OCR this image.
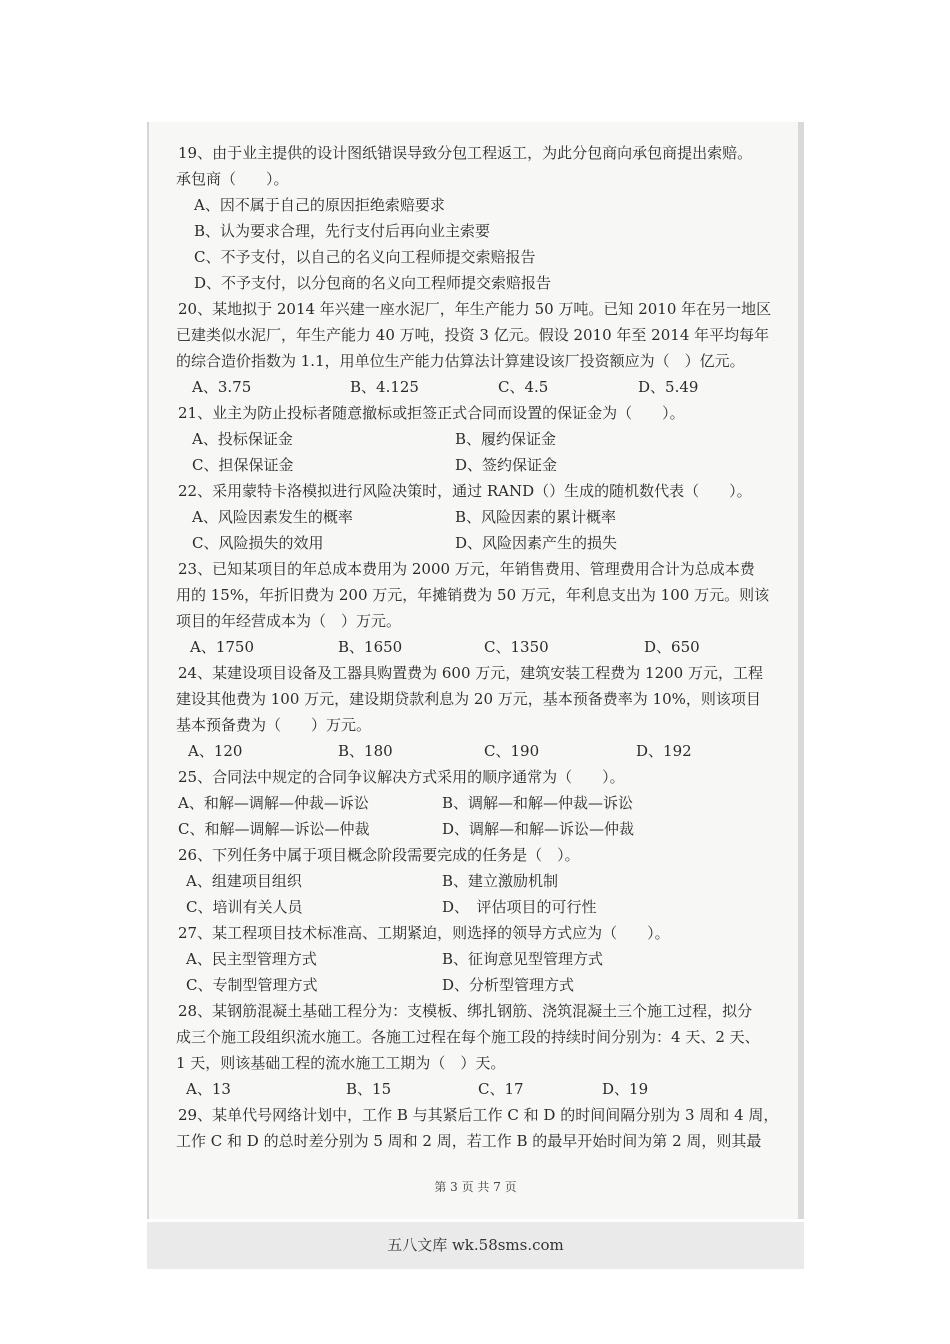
19、由于业主提供的设计图纸错误导致分包工程返工，为此分包商向承包商提出索赔。
承包商（　　）。
A、因不属于自己的原因拒绝索赔要求
B、认为要求合理，先行支付后再向业主索要
C、不予支付，以自己的名义向工程师提交索赔报告
D、不予支付，以分包商的名义向工程师提交索赔报告
20、某地拟于 2014 年兴建一座水泥厂，年生产能力 50 万吨。已知 2010 年在另一地区
已建类似水泥厂，年生产能力 40 万吨，投资 3 亿元。假设 2010 年至 2014 年平均每年
的综合造价指数为 1.1，用单位生产能力估算法计算建设该厂投资额应为（　）亿元。
A、3.75	B、4.125	C、4.5	D、5.49
21、业主为防止投标者随意撤标或拒签正式合同而设置的保证金为（　　）。
A、投标保证金	B、履约保证金
C、担保保证金	D、签约保证金
22、采用蒙特卡洛模拟进行风险决策时，通过 RAND（）生成的随机数代表（　　）。
A、风险因素发生的概率	B、风险因素的累计概率
C、风险损失的效用	D、风险因素产生的损失
23、已知某项目的年总成本费用为 2000 万元，年销售费用、管理费用合计为总成本费
用的 15%，年折旧费为 200 万元，年摊销费为 50 万元，年利息支出为 100 万元。则该
项目的年经营成本为（　）万元。
A、1750	B、1650	C、1350	D、650
24、某建设项目设备及工器具购置费为 600 万元，建筑安装工程费为 1200 万元，工程
建设其他费为 100 万元，建设期贷款利息为 20 万元，基本预备费率为 10%，则该项目
基本预备费为（　　）万元。
A、120	B、180	C、190	D、192
25、合同法中规定的合同争议解决方式采用的顺序通常为（　　）。
A、和解—调解—仲裁—诉讼	B、调解—和解—仲裁—诉讼
C、和解—调解—诉讼—仲裁	D、调解—和解—诉讼—仲裁
26、下列任务中属于项目概念阶段需要完成的任务是（　）。
A、组建项目组织	B、建立激励机制
C、培训有关人员	D、　评估项目的可行性
27、某工程项目技术标准高、工期紧迫，则选择的领导方式应为（　　）。
A、民主型管理方式	B、征询意见型管理方式
C、专制型管理方式	D、分析型管理方式
28、某钢筋混凝土基础工程分为：支模板、绑扎钢筋、浇筑混凝土三个施工过程，拟分
成三个施工段组织流水施工。各施工过程在每个施工段的持续时间分别为：4 天、2 天、
1 天，则该基础工程的流水施工工期为（　）天。
A、13	B、15	C、17	D、19
29、某单代号网络计划中，工作 B 与其紧后工作 C 和 D 的时间间隔分别为 3 周和 4 周，
工作 C 和 D 的总时差分别为 5 周和 2 周，若工作 B 的最早开始时间为第 2 周，则其最
第 3 页 共 7 页
五八文库 wk.58sms.com
